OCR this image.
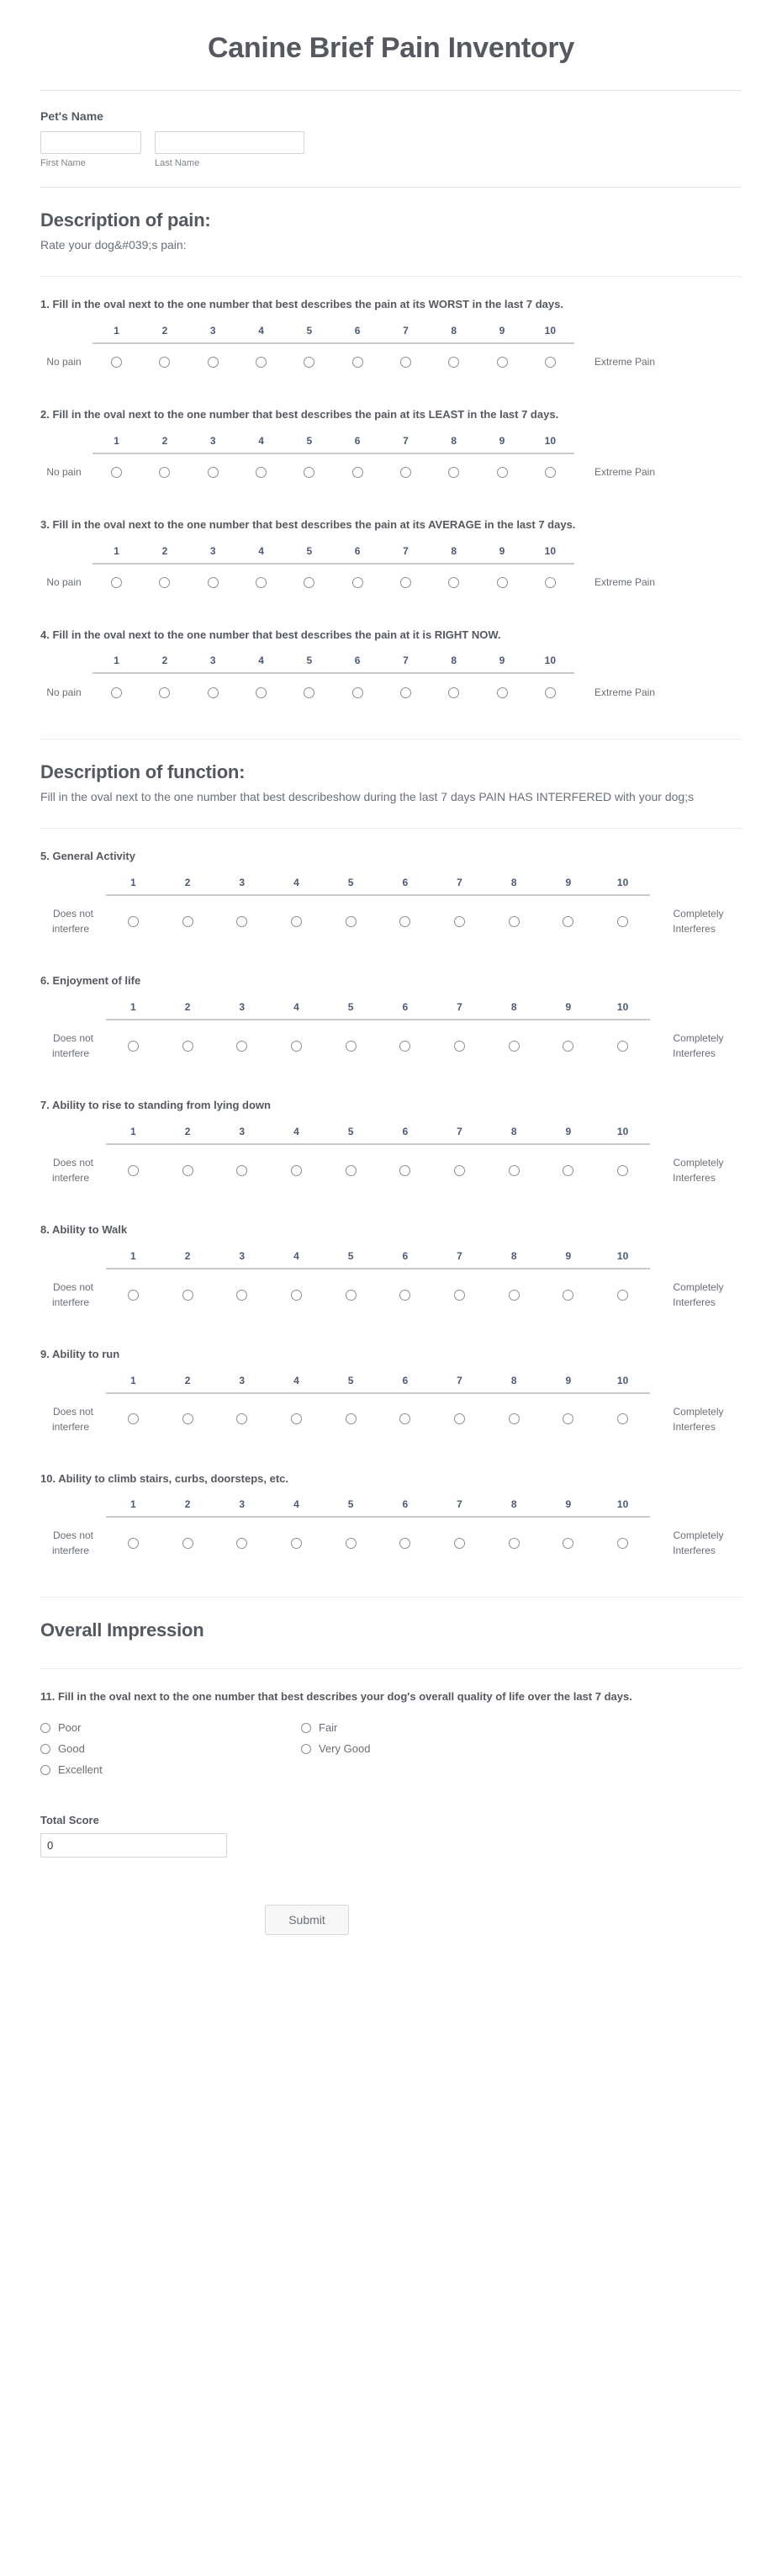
Canine Brief Pain Inventory
Pet's Name
First Name	Last Name
Description of pain:

Rate your dog&#039;s pain:

1. Fill in the oval next to the one number that best describes the pain at its WORST in the last 7 days.

	1	2	3	4	5	6	7	8	9	10	
No pain											Extreme Pain

2. Fill in the oval next to the one number that best describes the pain at its LEAST in the last 7 days.

	1	2	3	4	5	6	7	8	9	10	
No pain											Extreme Pain

3. Fill in the oval next to the one number that best describes the pain at its AVERAGE in the last 7 days.

	1	2	3	4	5	6	7	8	9	10	
No pain											Extreme Pain

4. Fill in the oval next to the one number that best describes the pain at it is RIGHT NOW.

	1	2	3	4	5	6	7	8	9	10	
No pain											Extreme Pain
Description of function:

Fill in the oval next to the one number that best describeshow during the last 7 days PAIN HAS INTERFERED with your dog;s

5. General Activity

	1	2	3	4	5	6	7	8	9	10	
Does not
interfere											Completely
Interferes

6. Enjoyment of life

	1	2	3	4	5	6	7	8	9	10	
Does not
interfere											Completely
Interferes

7. Ability to rise to standing from lying down

	1	2	3	4	5	6	7	8	9	10	
Does not
interfere											Completely
Interferes

8. Ability to Walk

	1	2	3	4	5	6	7	8	9	10	
Does not
interfere											Completely
Interferes

9. Ability to run

	1	2	3	4	5	6	7	8	9	10	
Does not
interfere											Completely
Interferes

10. Ability to climb stairs, curbs, doorsteps, etc.

	1	2	3	4	5	6	7	8	9	10	
Does not
interfere											Completely
Interferes
Overall Impression

11. Fill in the oval next to the one number that best describes your dog's overall quality of life over the last 7 days.

Poor	Fair
Good	Very Good
Excellent
Total Score
0
Submit
